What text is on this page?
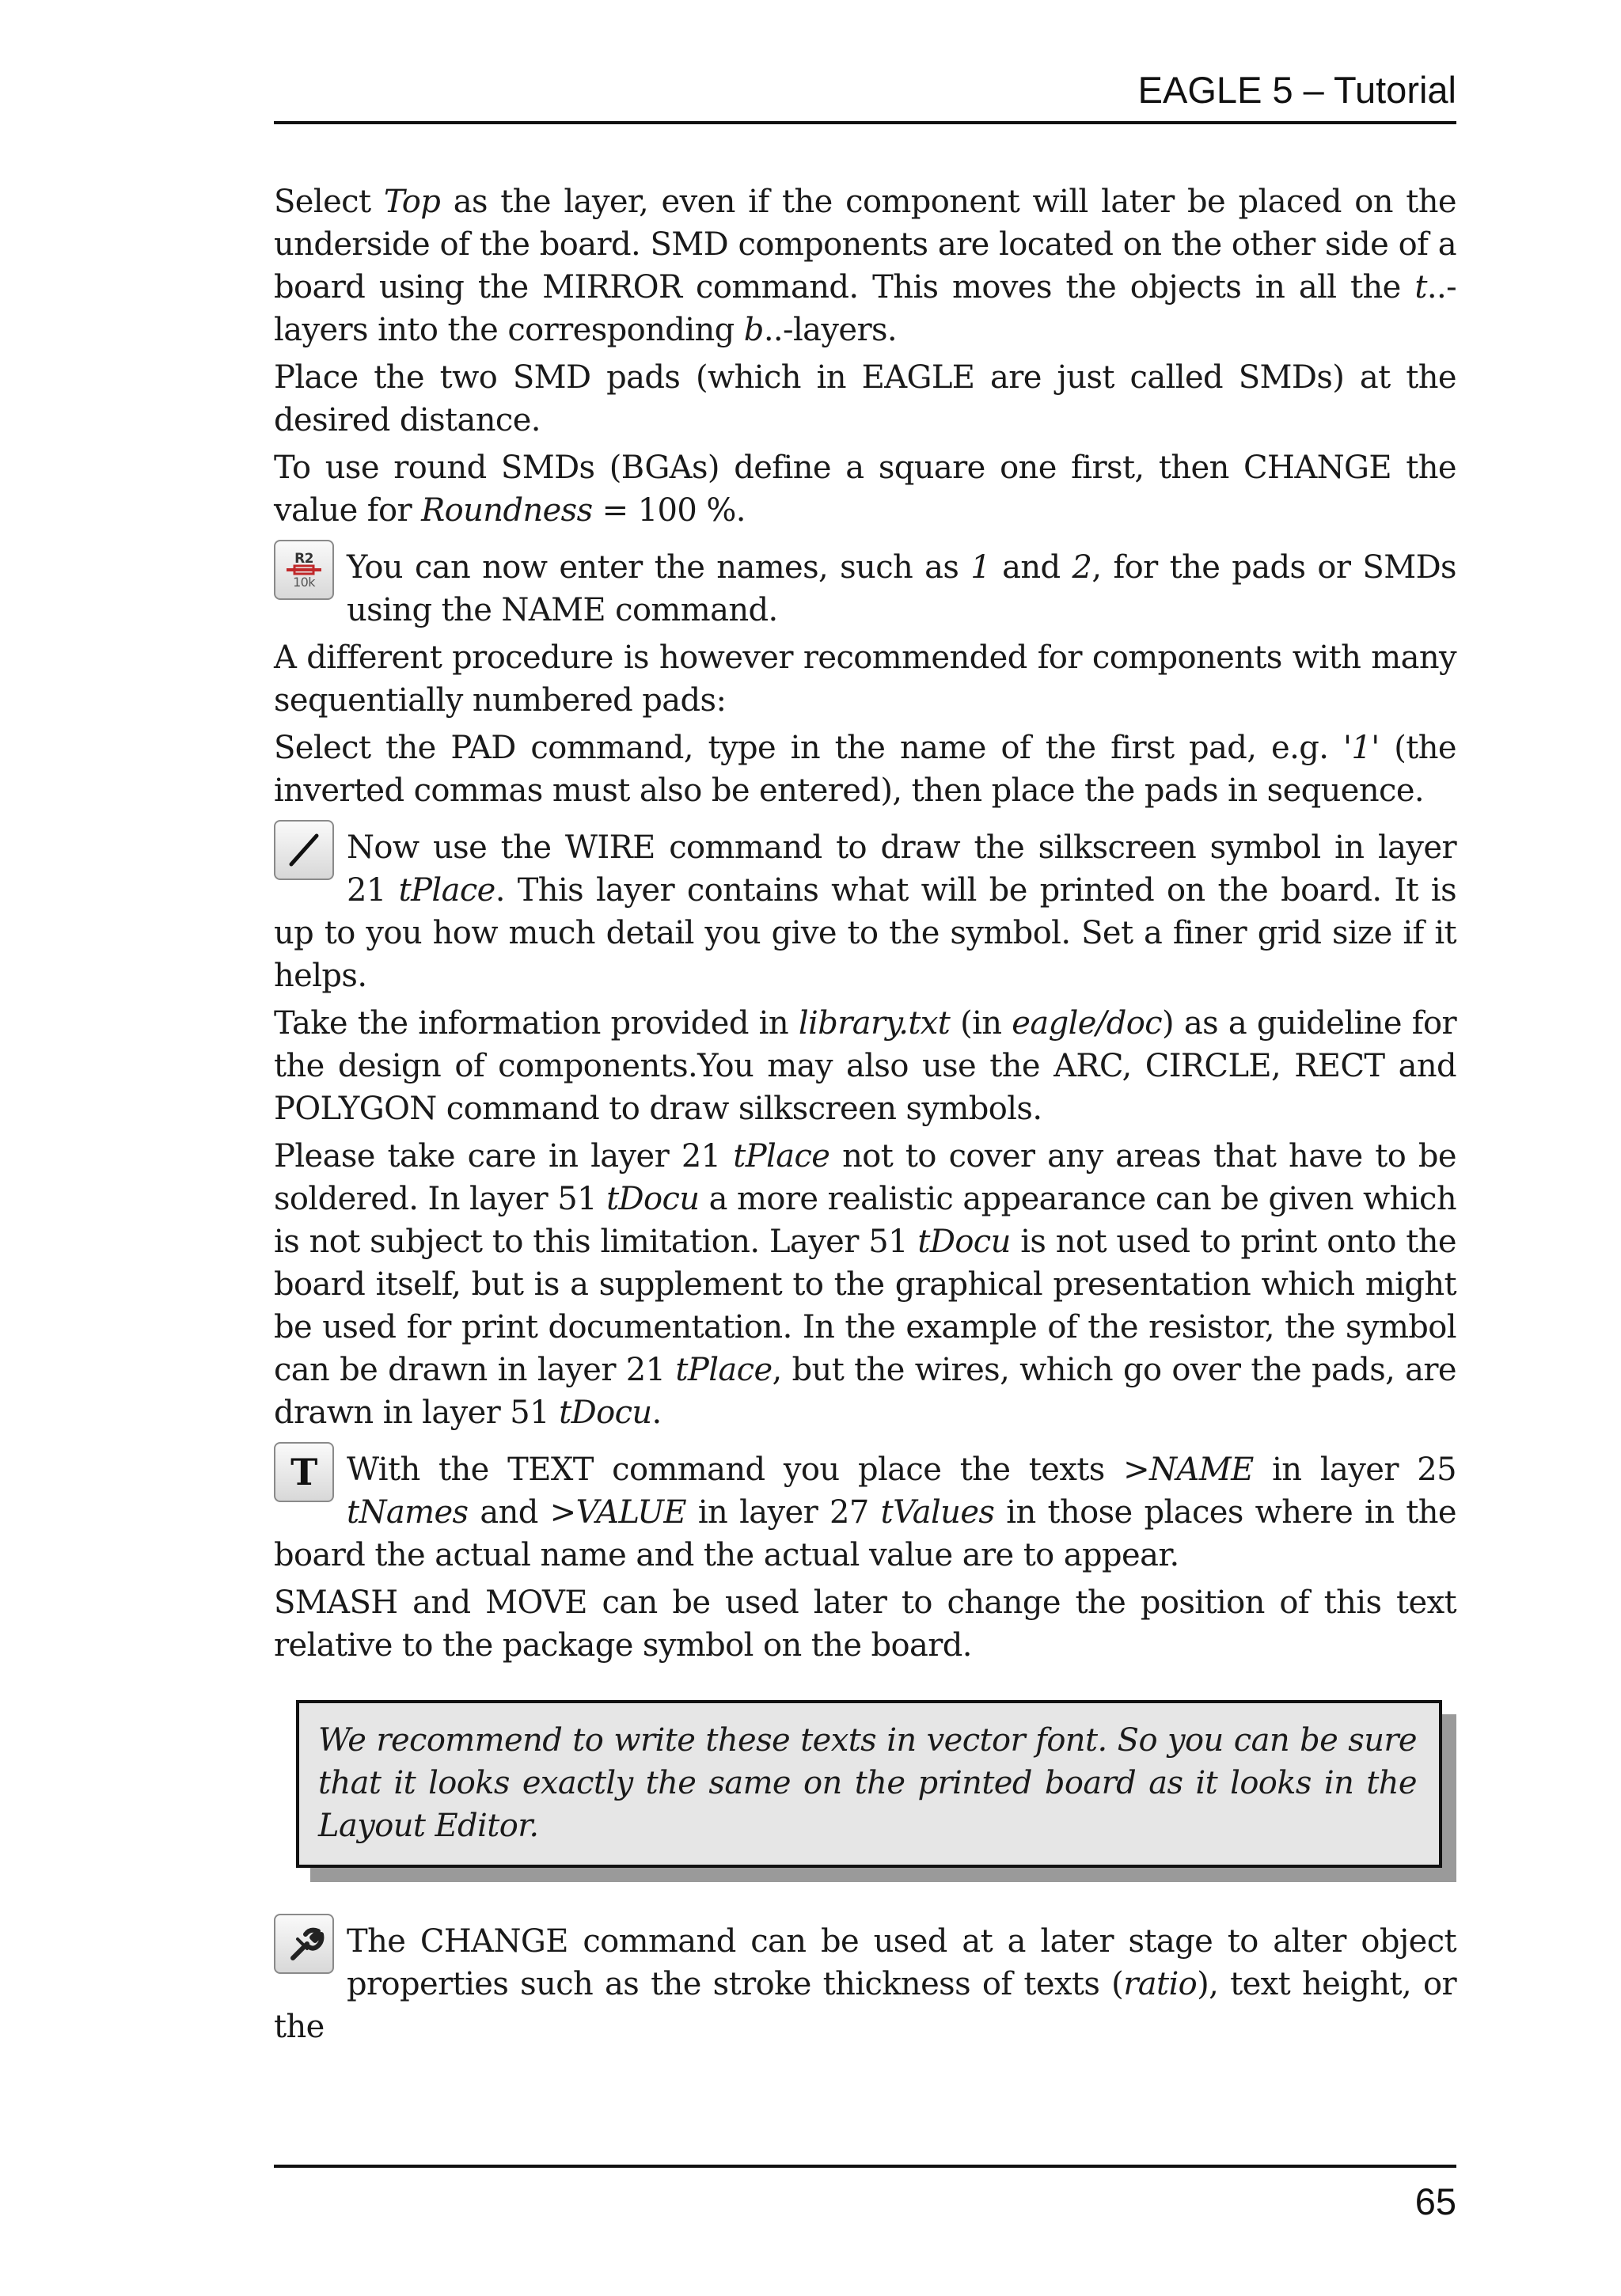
EAGLE 5 – Tutorial

Select Top as the layer, even if the component will later be placed on the underside of the board. SMD components are located on the other side of a board using the MIRROR command. This moves the objects in all the t..-layers into the corresponding b..-layers.

Place the two SMD pads (which in EAGLE are just called SMDs) at the desired distance.

To use round SMDs (BGAs) define a square one first, then CHANGE the value for Roundness = 100 %.

R2
10k You can now enter the names, such as 1 and 2, for the pads or SMDs using the NAME command.

A different procedure is however recommended for components with many sequentially numbered pads:

Select the PAD command, type in the name of the first pad, e.g. '1' (the inverted commas must also be entered), then place the pads in sequence.

Now use the WIRE command to draw the silkscreen symbol in layer 21 tPlace. This layer contains what will be printed on the board. It is up to you how much detail you give to the symbol. Set a finer grid size if it helps.

Take the information provided in library.txt (in eagle/doc) as a guideline for the design of components.You may also use the ARC, CIRCLE, RECT and POLYGON command to draw silkscreen symbols.

Please take care in layer 21 tPlace not to cover any areas that have to be soldered. In layer 51 tDocu a more realistic appearance can be given which is not subject to this limitation. Layer 51 tDocu is not used to print onto the board itself, but is a supplement to the graphical presentation which might be used for print documentation. In the example of the resistor, the symbol can be drawn in layer 21 tPlace, but the wires, which go over the pads, are drawn in layer 51 tDocu.

T With the TEXT command you place the texts >NAME in layer 25 tNames and >VALUE in layer 27 tValues in those places where in the board the actual name and the actual value are to appear.

SMASH and MOVE can be used later to change the position of this text relative to the package symbol on the board.

We recommend to write these texts in vector font. So you can be sure that it looks exactly the same on the printed board as it looks in the Layout Editor.

The CHANGE command can be used at a later stage to alter object properties such as the stroke thickness of texts (ratio), text height, or the

65
